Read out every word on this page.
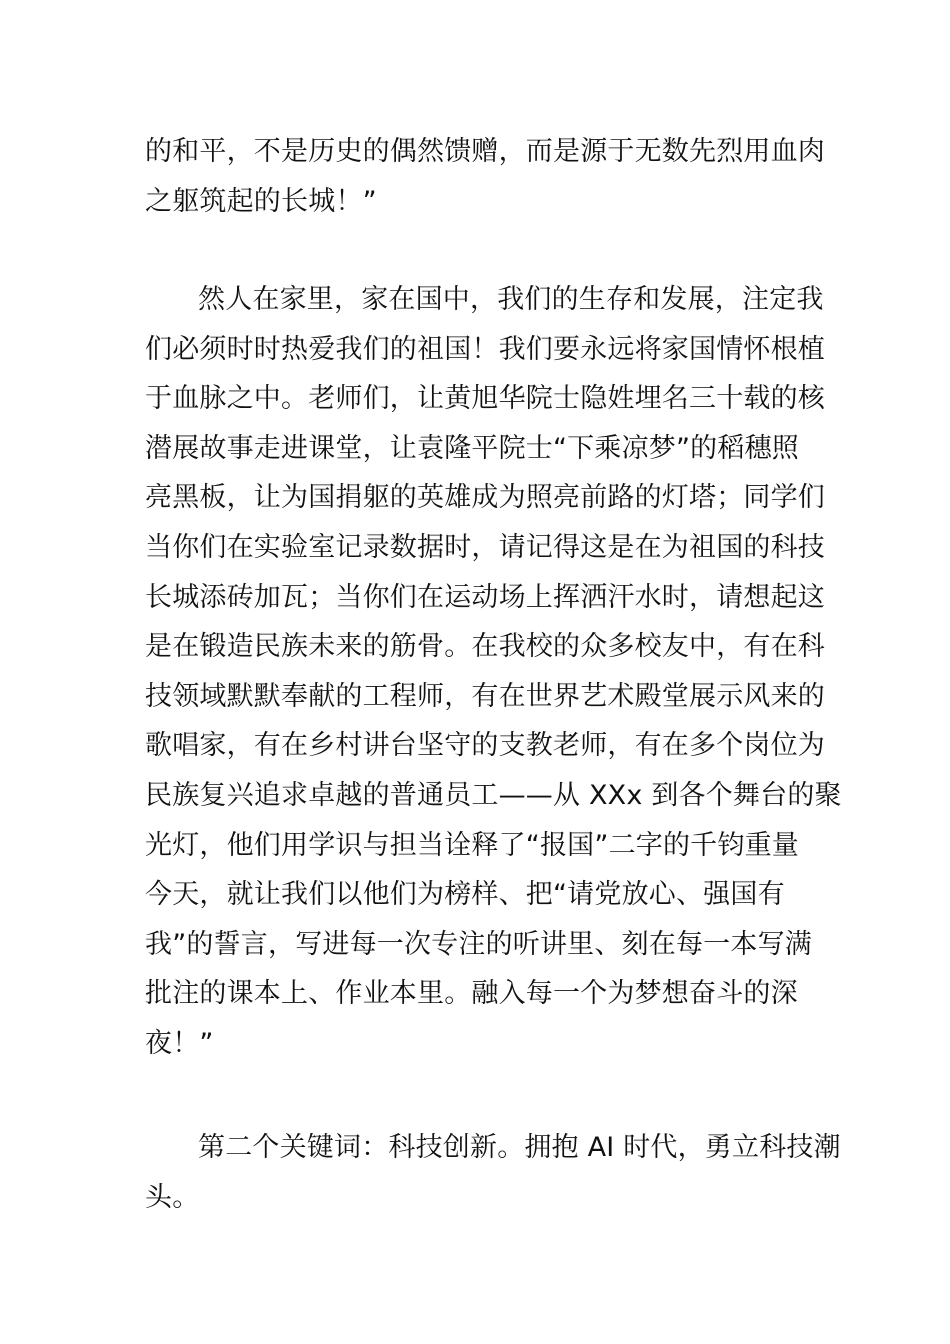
的和平，不是历史的偶然馈赠，而是源于无数先烈用血肉
之躯筑起的长城！”
然人在家里，家在国中，我们的生存和发展，注定我
们必须时时热爱我们的祖国！我们要永远将家国情怀根植
于血脉之中。老师们，让黄旭华院士隐姓埋名三十载的核
潜展故事走进课堂，让袁隆平院士“下乘凉梦”的稻穗照
亮黑板，让为国捐躯的英雄成为照亮前路的灯塔；同学们
当你们在实验室记录数据时，请记得这是在为祖国的科技
长城添砖加瓦；当你们在运动场上挥洒汗水时，请想起这
是在锻造民族未来的筋骨。在我校的众多校友中，有在科
技领域默默奉献的工程师，有在世界艺术殿堂展示风来的
歌唱家，有在乡村讲台坚守的支教老师，有在多个岗位为
民族复兴追求卓越的普通员工——从 XXx 到各个舞台的聚
光灯，他们用学识与担当诠释了“报国”二字的千钧重量
今天，就让我们以他们为榜样、把“请党放心、强国有
我”的誓言，写进每一次专注的听讲里、刻在每一本写满
批注的课本上、作业本里。融入每一个为梦想奋斗的深
夜！”
第二个关键词：科技创新。拥抱 AI 时代，勇立科技潮
头。
